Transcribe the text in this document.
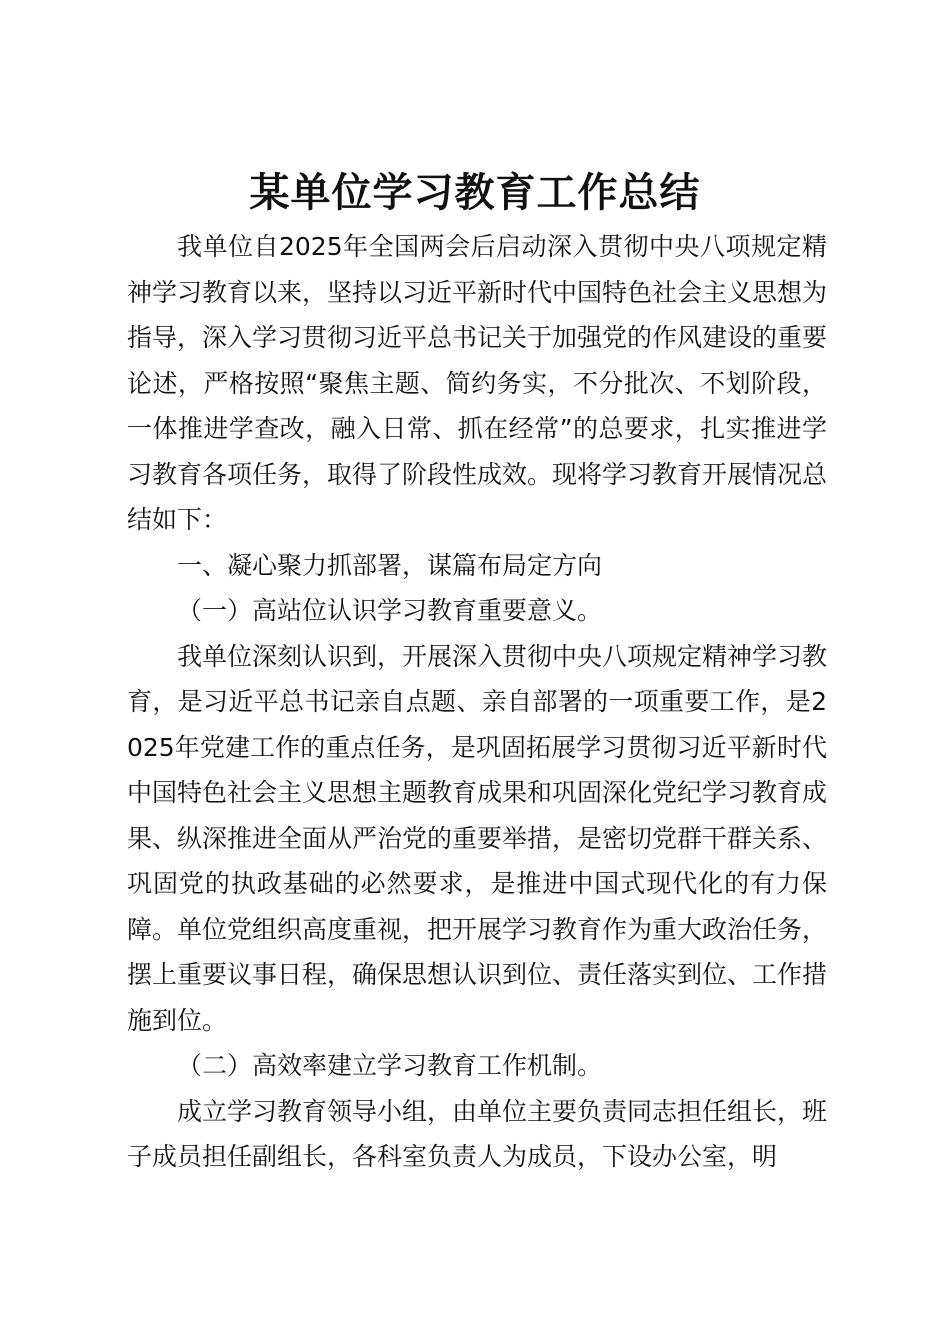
某单位学习教育工作总结

我单位自2025年全国两会后启动深入贯彻中央八项规定精神学习教育以来，坚持以习近平新时代中国特色社会主义思想为指导，深入学习贯彻习近平总书记关于加强党的作风建设的重要论述，严格按照“聚焦主题、简约务实，不分批次、不划阶段，一体推进学查改，融入日常、抓在经常”的总要求，扎实推进学习教育各项任务，取得了阶段性成效。现将学习教育开展情况总结如下：

一、凝心聚力抓部署，谋篇布局定方向

（一）高站位认识学习教育重要意义。

我单位深刻认识到，开展深入贯彻中央八项规定精神学习教育，是习近平总书记亲自点题、亲自部署的一项重要工作，是2025年党建工作的重点任务，是巩固拓展学习贯彻习近平新时代中国特色社会主义思想主题教育成果和巩固深化党纪学习教育成果、纵深推进全面从严治党的重要举措，是密切党群干群关系、巩固党的执政基础的必然要求，是推进中国式现代化的有力保障。单位党组织高度重视，把开展学习教育作为重大政治任务，摆上重要议事日程，确保思想认识到位、责任落实到位、工作措施到位。

（二）高效率建立学习教育工作机制。

成立学习教育领导小组，由单位主要负责同志担任组长，班子成员担任副组长，各科室负责人为成员，下设办公室，明
